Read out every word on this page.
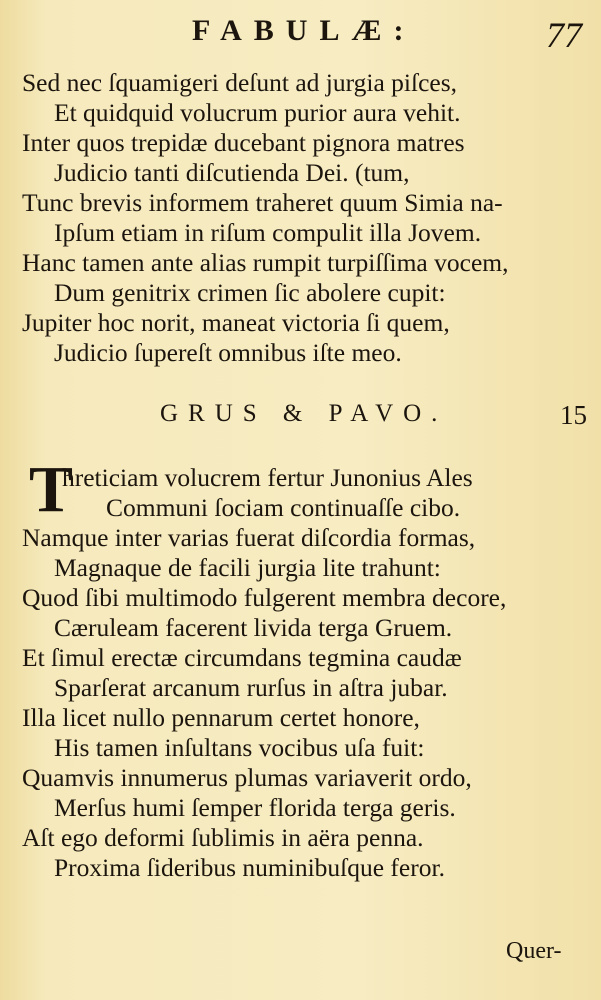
FABULÆ:	77
Sed nec ſquamigeri deſunt ad jurgia piſces,
Et quidquid volucrum purior aura vehit.
Inter quos trepidæ ducebant pignora matres
Judicio tanti diſcutienda Dei. (tum,
Tunc brevis informem traheret quum Simia na-
Ipſum etiam in riſum compulit illa Jovem.
Hanc tamen ante alias rumpit turpiſſima vocem,
Dum genitrix crimen ſic abolere cupit:
Jupiter hoc norit, maneat victoria ſi quem,
Judicio ſupereſt omnibus iſte meo.
GRUS & PAVO.	15
T
hreticiam volucrem fertur Junonius Ales
Communi ſociam continuaſſe cibo.
Namque inter varias fuerat diſcordia formas,
Magnaque de facili jurgia lite trahunt:
Quod ſibi multimodo fulgerent membra decore,
Cæruleam facerent livida terga Gruem.
Et ſimul erectæ circumdans tegmina caudæ
Sparſerat arcanum rurſus in aſtra jubar.
Illa licet nullo pennarum certet honore,
His tamen inſultans vocibus uſa fuit:
Quamvis innumerus plumas variaverit ordo,
Merſus humi ſemper florida terga geris.
Aſt ego deformi ſublimis in aëra penna.
Proxima ſideribus numinibuſque feror.
Quer-
